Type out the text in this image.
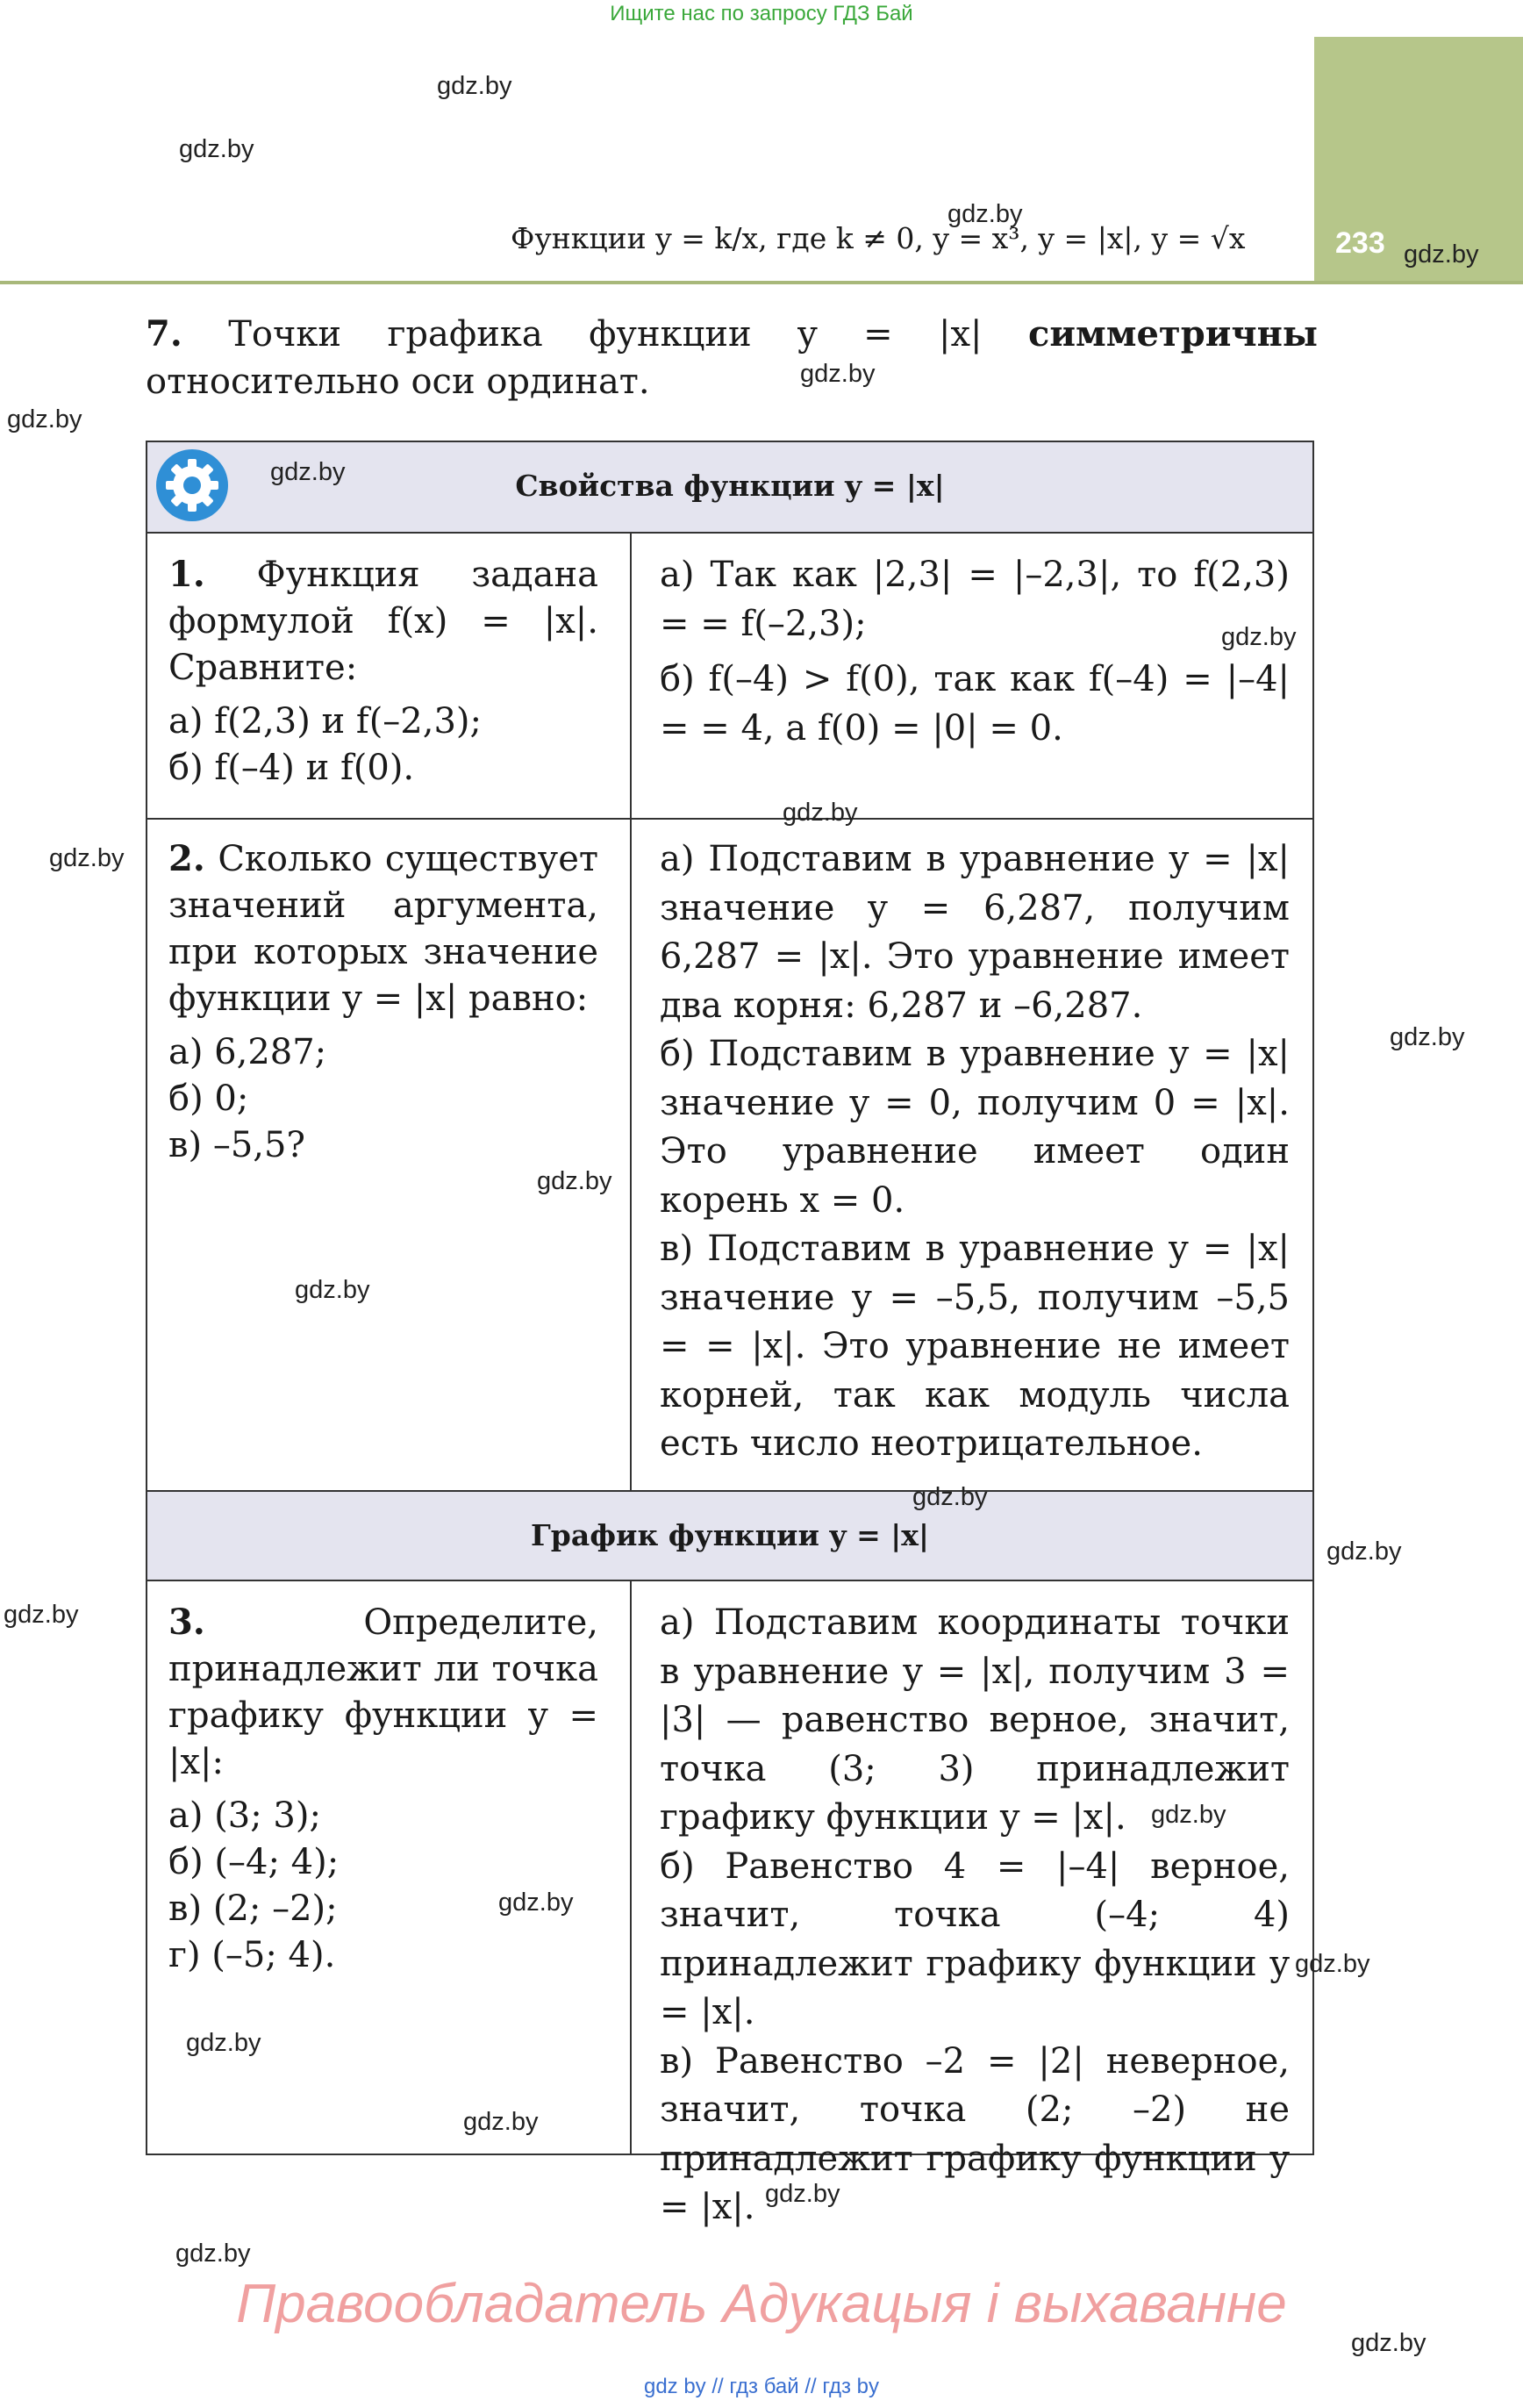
Ищите нас по запросу ГДЗ Бай
233
Функции y = k/x, где k ≠ 0, y = x³, y = |x|, y = √x
7. Точки графика функции y = |x| симметричны относительно оси ординат.
Свойства функции y = |x|

1. Функция задана формулой f(x) = |x|. Сравните:

а) f(2,3) и f(–2,3);

б) f(–4) и f(0).

а) Так как |2,3| = |–2,3|, то f(2,3) = = f(–2,3);

б) f(–4) > f(0), так как f(–4) = |–4| = = 4, а f(0) = |0| = 0.

2. Сколько существует значений аргумента, при которых значение функции y = |x| равно:

а) 6,287;

б) 0;

в) –5,5?

а) Подставим в уравнение y = |x| значение y = 6,287, получим 6,287 = |x|. Это уравнение имеет два корня: 6,287 и –6,287.

б) Подставим в уравнение y = |x| значение y = 0, получим 0 = |x|. Это уравнение имеет один корень x = 0.

в) Подставим в уравнение y = |x| значение y = –5,5, получим –5,5 = = |x|. Это уравнение не имеет корней, так как модуль числа есть число неотрицательное.

График функции y = |x|

3.	Определите, принадлежит ли точка графику функции y = |x|:

а) (3; 3);

б) (–4; 4);

в) (2; –2);

г) (–5; 4).

а) Подставим координаты точки в уравнение y = |x|, получим 3 = |3| — равенство верное, значит, точка (3; 3) принадлежит графику функции y = |x|.

б) Равенство 4 = |–4| верное, значит, точка (–4; 4) принадлежит графику функции y = |x|.

в) Равенство –2 = |2| неверное, значит, точка (2; –2) не принадлежит графику функции y = |x|.

gdz.by
gdz.by
gdz.by
gdz.by
gdz.by
gdz.by
gdz.by
gdz.by
gdz.by
gdz.by
gdz.by
gdz.by
gdz.by
gdz.by
gdz.by
gdz.by
gdz.by
gdz.by
gdz.by
gdz.by
gdz.by
gdz.by
gdz.by
gdz.by
Правообладатель Адукацыя і выхаванне
gdz by // гдз бай // гдз by
